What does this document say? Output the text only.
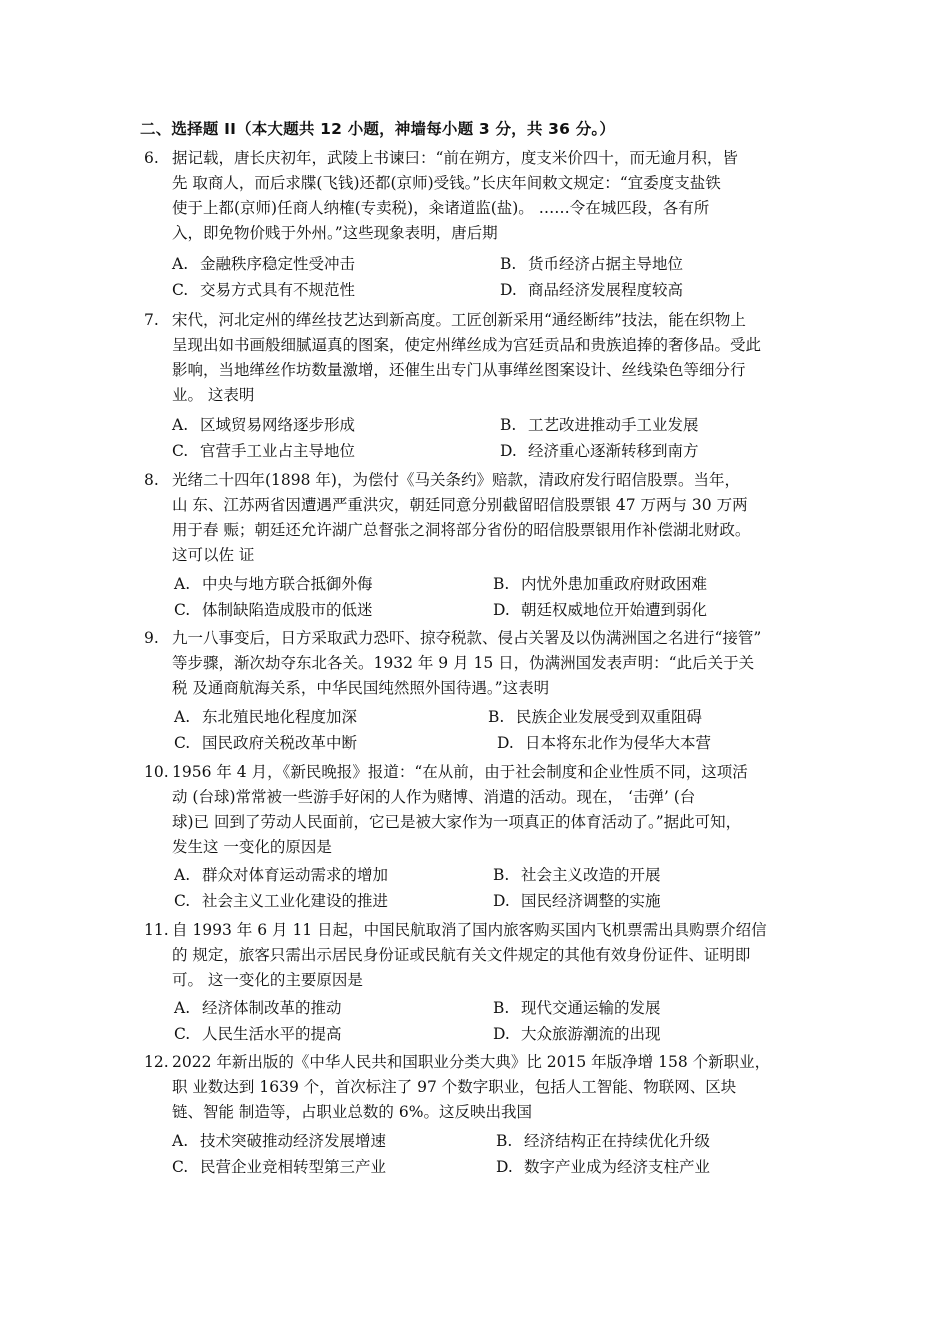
二、选择题 II（本大题共 12 小题，神墙每小题 3 分，共 36 分。）
6. 据记载，唐长庆初年，武陵上书谏曰：“前在朔方，度支米价四十，而无逾月积，皆
先 取商人，而后求牒(飞钱)还都(京师)受钱。”长庆年间敕文规定：“宜委度支盐铁
使于上都(京师)任商人纳榷(专卖税)，籴诸道监(盐)。 ……令在城匹段，各有所
入，即免物价贱于外州。”这些现象表明，唐后期
A. 金融秩序稳定性受冲击	B. 货币经济占据主导地位
C. 交易方式具有不规范性	D. 商品经济发展程度较高
7. 宋代，河北定州的缂丝技艺达到新高度。工匠创新采用“通经断纬”技法，能在织物上
呈现出如书画般细腻逼真的图案，使定州缂丝成为宫廷贡品和贵族追捧的奢侈品。受此
影响，当地缂丝作坊数量激增，还催生出专门从事缂丝图案设计、丝线染色等细分行
业。 这表明
A. 区域贸易网络逐步形成	B. 工艺改进推动手工业发展
C. 官营手工业占主导地位	D. 经济重心逐渐转移到南方
8. 光绪二十四年(1898 年)，为偿付《马关条约》赔款，清政府发行昭信股票。当年，
山 东、江苏两省因遭遇严重洪灾，朝廷同意分别截留昭信股票银 47 万两与 30 万两
用于春 赈；朝廷还允许湖广总督张之洞将部分省份的昭信股票银用作补偿湖北财政。
这可以佐 证
A. 中央与地方联合抵御外侮	B. 内忧外患加重政府财政困难
C. 体制缺陷造成股市的低迷	D. 朝廷权威地位开始遭到弱化
9. 九一八事变后，日方采取武力恐吓、掠夺税款、侵占关署及以伪满洲国之名进行“接管”
等步骤，渐次劫夺东北各关。1932 年 9 月 15 日，伪满洲国发表声明：“此后关于关
税 及通商航海关系，中华民国纯然照外国待遇。”这表明
A. 东北殖民地化程度加深	B. 民族企业发展受到双重阻碍
C. 国民政府关税改革中断	D. 日本将东北作为侵华大本营
10. 1956 年 4 月，《新民晚报》报道：“在从前，由于社会制度和企业性质不同，这项活
动 (台球)常常被一些游手好闲的人作为赌博、消遣的活动。现在， ‘击弹’ (台
球)已 回到了劳动人民面前，它已是被大家作为一项真正的体育活动了。”据此可知，
发生这 一变化的原因是
A. 群众对体育运动需求的增加	B. 社会主义改造的开展
C. 社会主义工业化建设的推进	D. 国民经济调整的实施
11. 自 1993 年 6 月 11 日起，中国民航取消了国内旅客购买国内飞机票需出具购票介绍信
的 规定，旅客只需出示居民身份证或民航有关文件规定的其他有效身份证件、证明即
可。 这一变化的主要原因是
A. 经济体制改革的推动	B. 现代交通运输的发展
C. 人民生活水平的提高	D. 大众旅游潮流的出现
12. 2022 年新出版的《中华人民共和国职业分类大典》比 2015 年版净增 158 个新职业，
职 业数达到 1639 个，首次标注了 97 个数字职业，包括人工智能、物联网、区块
链、智能 制造等，占职业总数的 6%。这反映出我国
A. 技术突破推动经济发展增速	B. 经济结构正在持续优化升级
C. 民营企业竞相转型第三产业	D. 数字产业成为经济支柱产业
